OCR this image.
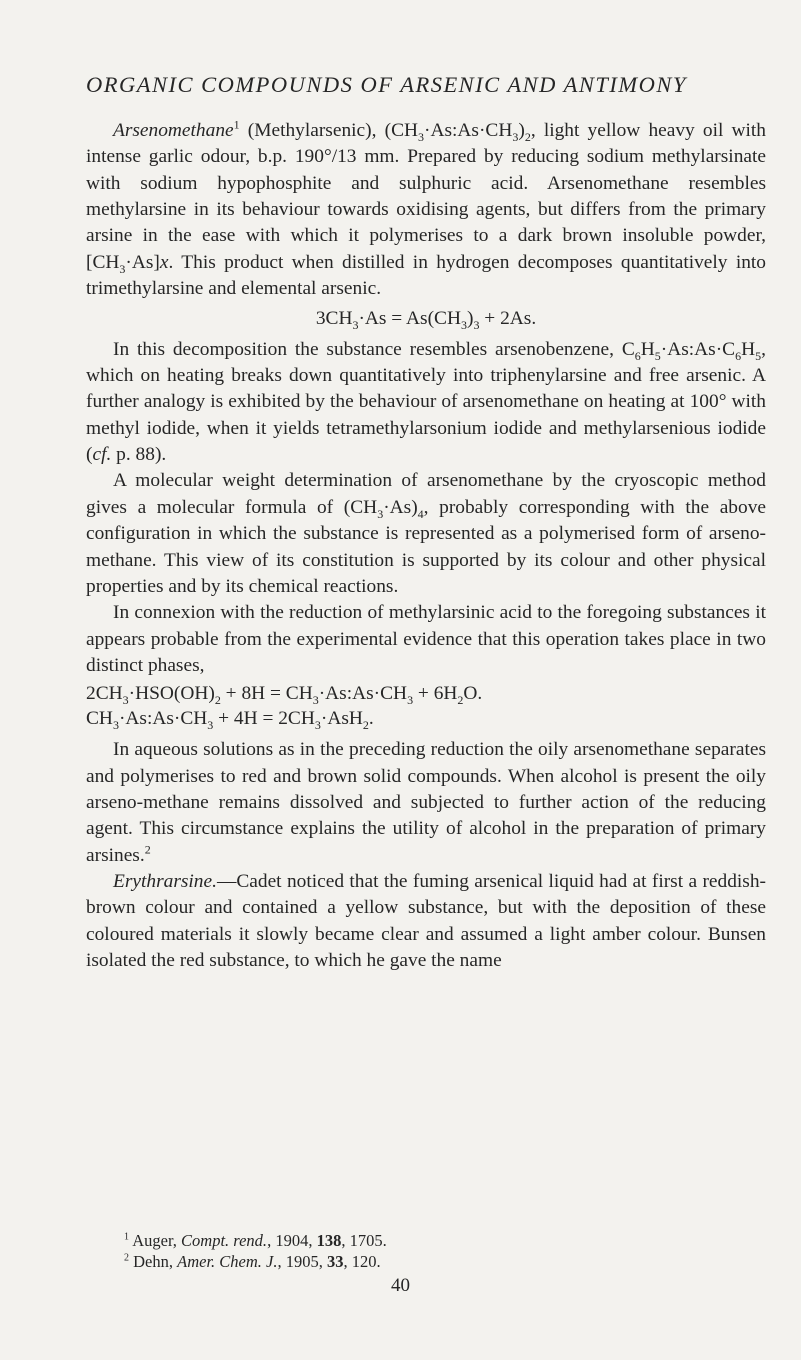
ORGANIC COMPOUNDS OF ARSENIC AND ANTIMONY

Arsenomethane$^1$ (Methylarsenic), $(CH_3\cdot As:As\cdot CH_3)_2$, light yellow heavy oil with intense garlic odour, b.p. 190°/13 mm. Prepared by reducing sodium methylarsinate with sodium hypophosphite and sulphuric acid. Arsenomethane resembles methylarsine in its behaviour towards oxidising agents, but differs from the primary arsine in the ease with which it polymerises to a dark brown insoluble powder, $[CH_3\cdot As]x$. This product when distilled in hydrogen decomposes quantitatively into trimethylarsine and elemental arsenic.

$3CH_3\cdot As = As(CH_3)_3 + 2As$.

In this decomposition the substance resembles arsenobenzene, $C_6H_5\cdot As:As\cdot C_6H_5$, which on heating breaks down quantitatively into triphenylarsine and free arsenic. A further analogy is exhibited by the behaviour of arsenomethane on heating at 100° with methyl iodide, when it yields tetramethylarsonium iodide and methylarsenious iodide (cf. p. 88).

A molecular weight determination of arsenomethane by the cryoscopic method gives a molecular formula of $(CH_3\cdot As)_4$, probably corresponding with the above configuration in which the substance is represented as a polymerised form of arseno-methane. This view of its constitution is supported by its colour and other physical properties and by its chemical reactions.

In connexion with the reduction of methylarsinic acid to the foregoing substances it appears probable from the experimental evidence that this operation takes place in two distinct phases,

$2CH_3\cdot HSO(OH)_2 + 8H$ = $CH_3\cdot As:As\cdot CH_3 + 6H_2O$.
$CH_3\cdot As:As\cdot CH_3 + 4H = 2CH_3\cdot AsH_2$.

In aqueous solutions as in the preceding reduction the oily arsenomethane separates and polymerises to red and brown solid compounds. When alcohol is present the oily arseno-methane remains dissolved and subjected to further action of the reducing agent. This circumstance explains the utility of alcohol in the preparation of primary arsines.$^2$

Erythrarsine.—Cadet noticed that the fuming arsenical liquid had at first a reddish-brown colour and contained a yellow substance, but with the deposition of these coloured materials it slowly became clear and assumed a light amber colour. Bunsen isolated the red substance, to which he gave the name

$^1$ Auger, Compt. rend., 1904, 138, 1705.
$^2$ Dehn, Amer. Chem. J., 1905, 33, 120.
40
